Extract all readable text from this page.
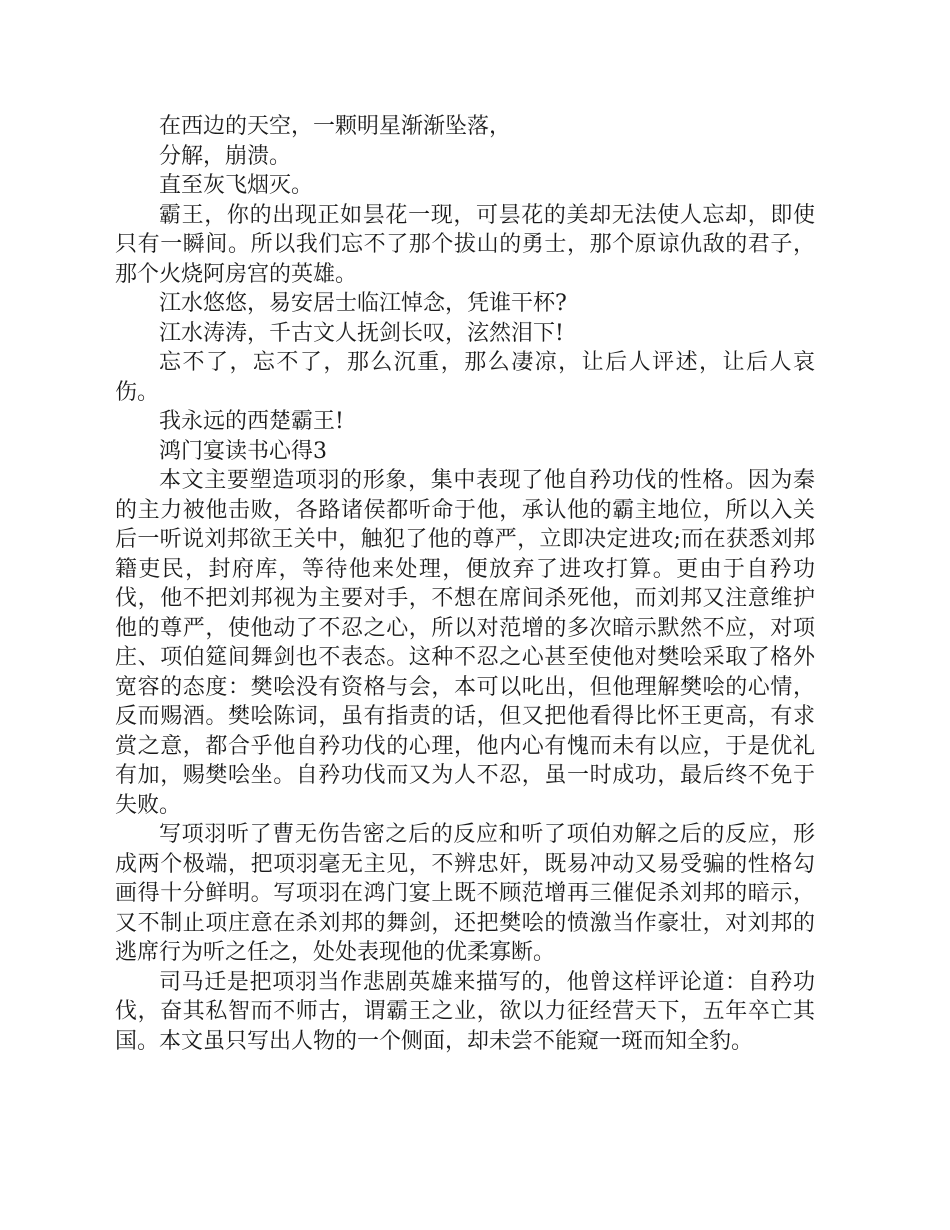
在西边的天空，一颗明星渐渐坠落，

分解，崩溃。

直至灰飞烟灭。

霸王，你的出现正如昙花一现，可昙花的美却无法使人忘却，即使只有一瞬间。所以我们忘不了那个拔山的勇士，那个原谅仇敌的君子，那个火烧阿房宫的英雄。

江水悠悠，易安居士临江悼念，凭谁干杯?

江水涛涛，千古文人抚剑长叹，泫然泪下!

忘不了，忘不了，那么沉重，那么凄凉，让后人评述，让后人哀伤。

我永远的西楚霸王!

鸿门宴读书心得3

本文主要塑造项羽的形象，集中表现了他自矜功伐的性格。因为秦的主力被他击败，各路诸侯都听命于他，承认他的霸主地位，所以入关后一听说刘邦欲王关中，触犯了他的尊严，立即决定进攻;而在获悉刘邦籍吏民，封府库，等待他来处理，便放弃了进攻打算。更由于自矜功伐，他不把刘邦视为主要对手，不想在席间杀死他，而刘邦又注意维护他的尊严，使他动了不忍之心，所以对范增的多次暗示默然不应，对项庄、项伯筵间舞剑也不表态。这种不忍之心甚至使他对樊哙采取了格外宽容的态度：樊哙没有资格与会，本可以叱出，但他理解樊哙的心情，反而赐酒。樊哙陈词，虽有指责的话，但又把他看得比怀王更高，有求赏之意，都合乎他自矜功伐的心理，他内心有愧而未有以应，于是优礼有加，赐樊哙坐。自矜功伐而又为人不忍，虽一时成功，最后终不免于失败。

写项羽听了曹无伤告密之后的反应和听了项伯劝解之后的反应，形成两个极端，把项羽毫无主见，不辨忠奸，既易冲动又易受骗的性格勾画得十分鲜明。写项羽在鸿门宴上既不顾范增再三催促杀刘邦的暗示，又不制止项庄意在杀刘邦的舞剑，还把樊哙的愤激当作豪壮，对刘邦的逃席行为听之任之，处处表现他的优柔寡断。

司马迁是把项羽当作悲剧英雄来描写的，他曾这样评论道：自矜功伐，奋其私智而不师古，谓霸王之业，欲以力征经营天下，五年卒亡其国。本文虽只写出人物的一个侧面，却未尝不能窥一斑而知全豹。
